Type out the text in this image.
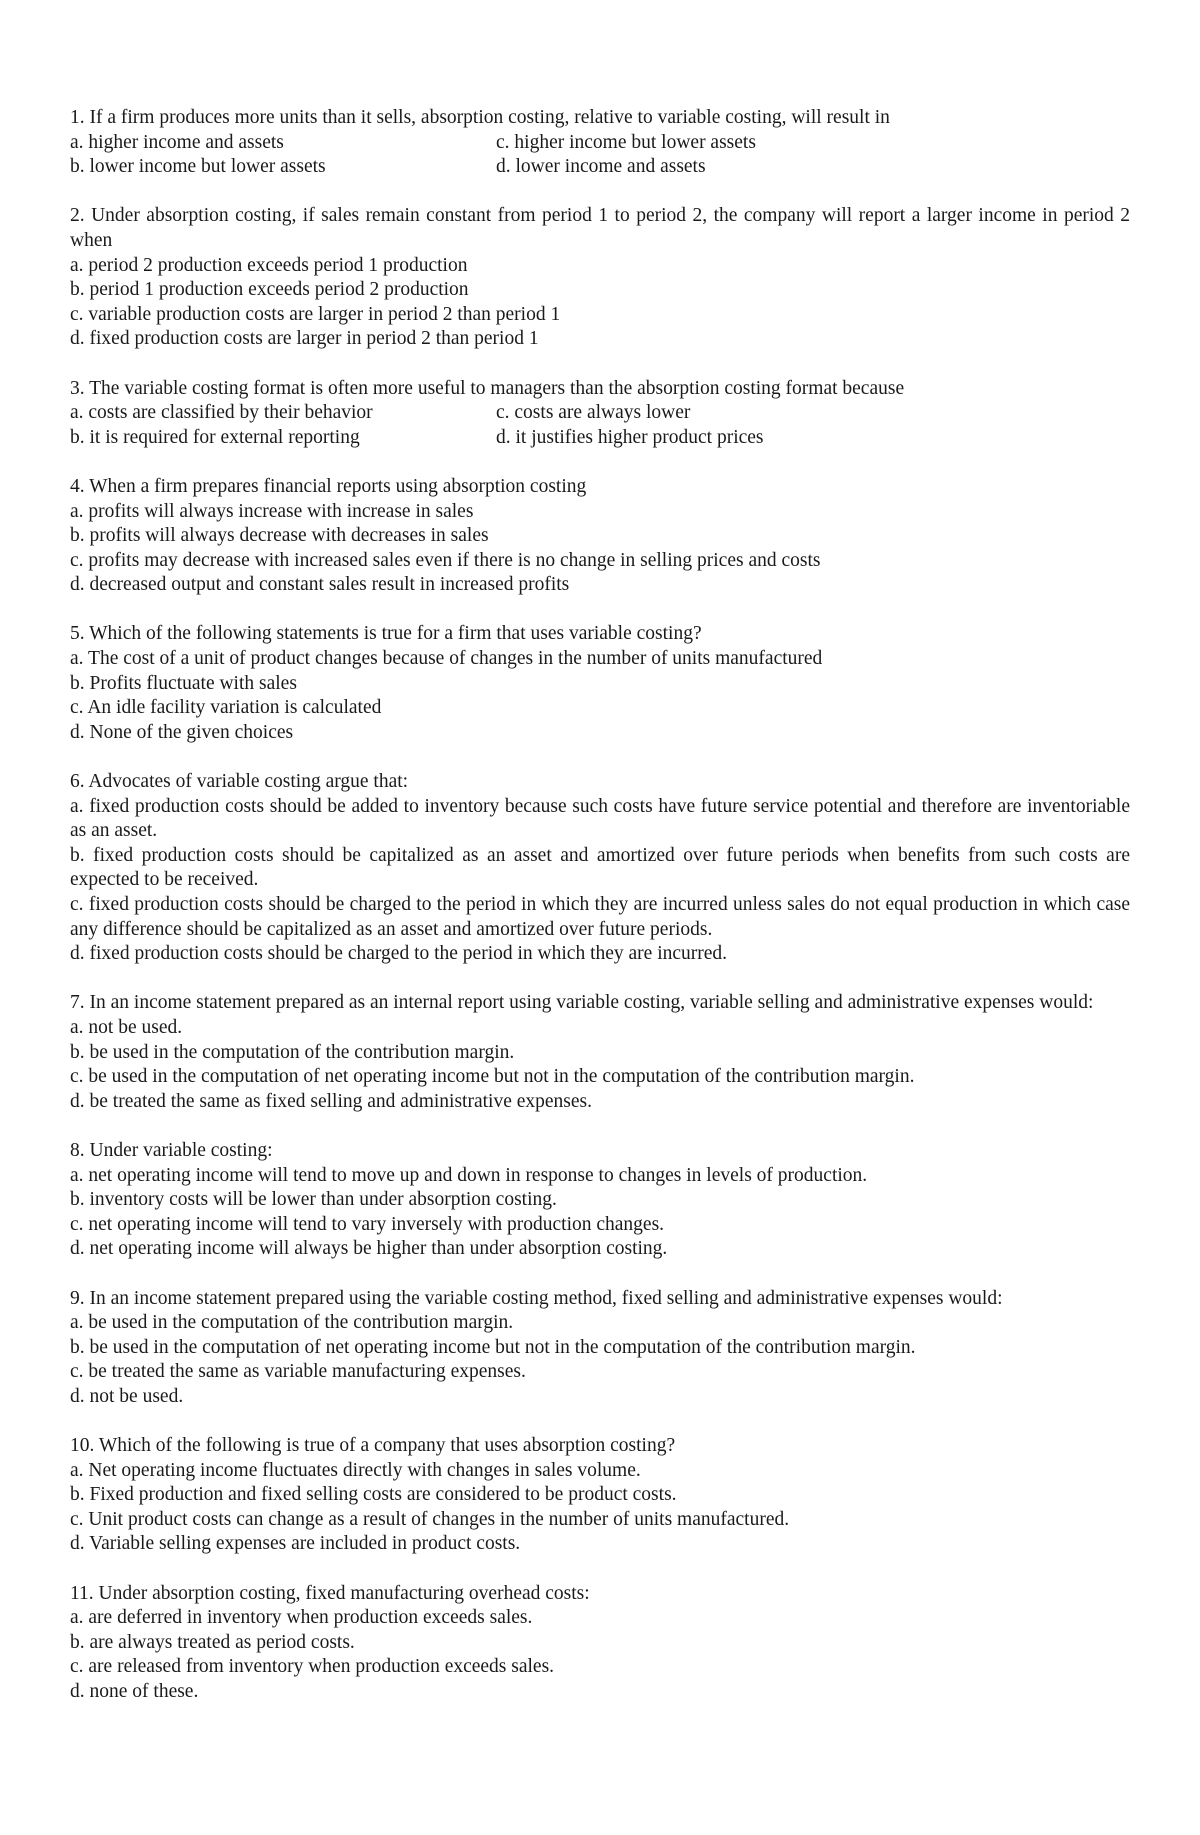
1. If a firm produces more units than it sells, absorption costing, relative to variable costing, will result in

a. higher income and assets	c. higher income but lower assets

b. lower income but lower assets	d. lower income and assets

2. Under absorption costing, if sales remain constant from period 1 to period 2, the company will report a larger income in period 2 when

a. period 2 production exceeds period 1 production

b. period 1 production exceeds period 2 production

c. variable production costs are larger in period 2 than period 1

d. fixed production costs are larger in period 2 than period 1

3. The variable costing format is often more useful to managers than the absorption costing format because

a. costs are classified by their behavior	c. costs are always lower

b. it is required for external reporting	d. it justifies higher product prices

4. When a firm prepares financial reports using absorption costing

a. profits will always increase with increase in sales

b. profits will always decrease with decreases in sales

c. profits may decrease with increased sales even if there is no change in selling prices and costs

d. decreased output and constant sales result in increased profits

5. Which of the following statements is true for a firm that uses variable costing?

a. The cost of a unit of product changes because of changes in the number of units manufactured

b. Profits fluctuate with sales

c. An idle facility variation is calculated

d. None of the given choices

6. Advocates of variable costing argue that:

a. fixed production costs should be added to inventory because such costs have future service potential and therefore are inventoriable as an asset.

b. fixed production costs should be capitalized as an asset and amortized over future periods when benefits from such costs are expected to be received.

c. fixed production costs should be charged to the period in which they are incurred unless sales do not equal production in which case any difference should be capitalized as an asset and amortized over future periods.

d. fixed production costs should be charged to the period in which they are incurred.

7. In an income statement prepared as an internal report using variable costing, variable selling and administrative expenses would:

a. not be used.

b. be used in the computation of the contribution margin.

c. be used in the computation of net operating income but not in the computation of the contribution margin.

d. be treated the same as fixed selling and administrative expenses.

8. Under variable costing:

a. net operating income will tend to move up and down in response to changes in levels of production.

b. inventory costs will be lower than under absorption costing.

c. net operating income will tend to vary inversely with production changes.

d. net operating income will always be higher than under absorption costing.

9. In an income statement prepared using the variable costing method, fixed selling and administrative expenses would:

a. be used in the computation of the contribution margin.

b. be used in the computation of net operating income but not in the computation of the contribution margin.

c. be treated the same as variable manufacturing expenses.

d. not be used.

10. Which of the following is true of a company that uses absorption costing?

a. Net operating income fluctuates directly with changes in sales volume.

b. Fixed production and fixed selling costs are considered to be product costs.

c. Unit product costs can change as a result of changes in the number of units manufactured.

d. Variable selling expenses are included in product costs.

11. Under absorption costing, fixed manufacturing overhead costs:

a. are deferred in inventory when production exceeds sales.

b. are always treated as period costs.

c. are released from inventory when production exceeds sales.

d. none of these.
